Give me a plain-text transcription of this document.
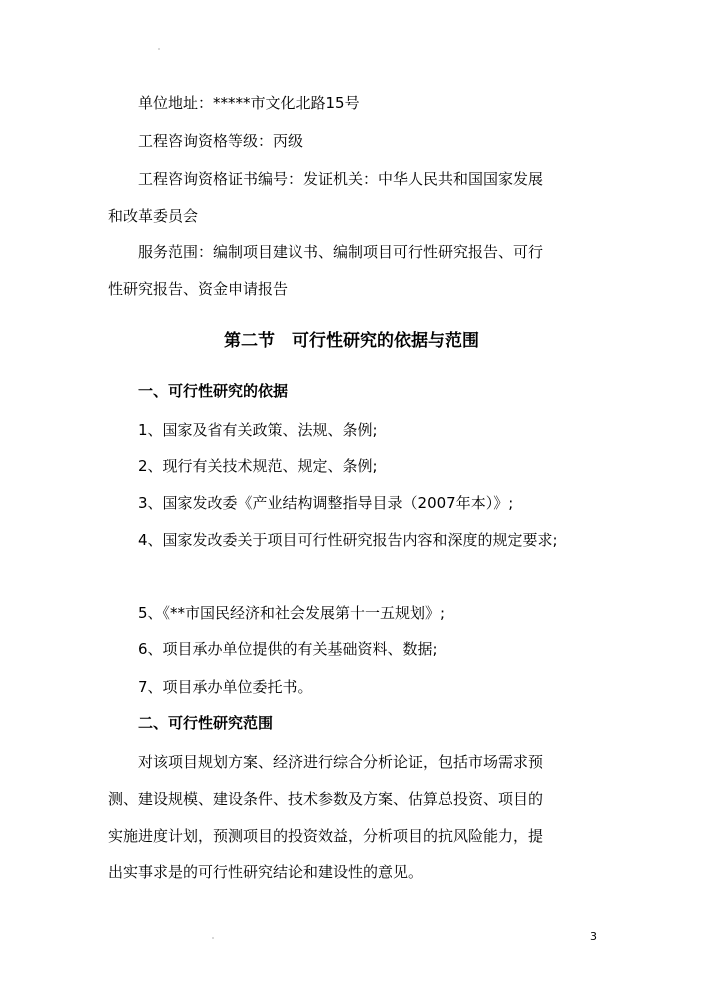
单位地址：*****市文化北路15号

工程咨询资格等级：丙级

工程咨询资格证书编号：发证机关：中华人民共和国国家发展

和改革委员会

服务范围：编制项目建议书、编制项目可行性研究报告、可行

性研究报告、资金申请报告

第二节　可行性研究的依据与范围

一、可行性研究的依据

1、国家及省有关政策、法规、条例;

2、现行有关技术规范、规定、条例;

3、国家发改委《产业结构调整指导目录（2007年本）》;

4、国家发改委关于项目可行性研究报告内容和深度的规定要求;

5、《**市国民经济和社会发展第十一五规划》;

6、项目承办单位提供的有关基础资料、数据;

7、项目承办单位委托书。

二、可行性研究范围

对该项目规划方案、经济进行综合分析论证，包括市场需求预

测、建设规模、建设条件、技术参数及方案、估算总投资、项目的

实施进度计划，预测项目的投资效益，分析项目的抗风险能力，提

出实事求是的可行性研究结论和建设性的意见。

3
